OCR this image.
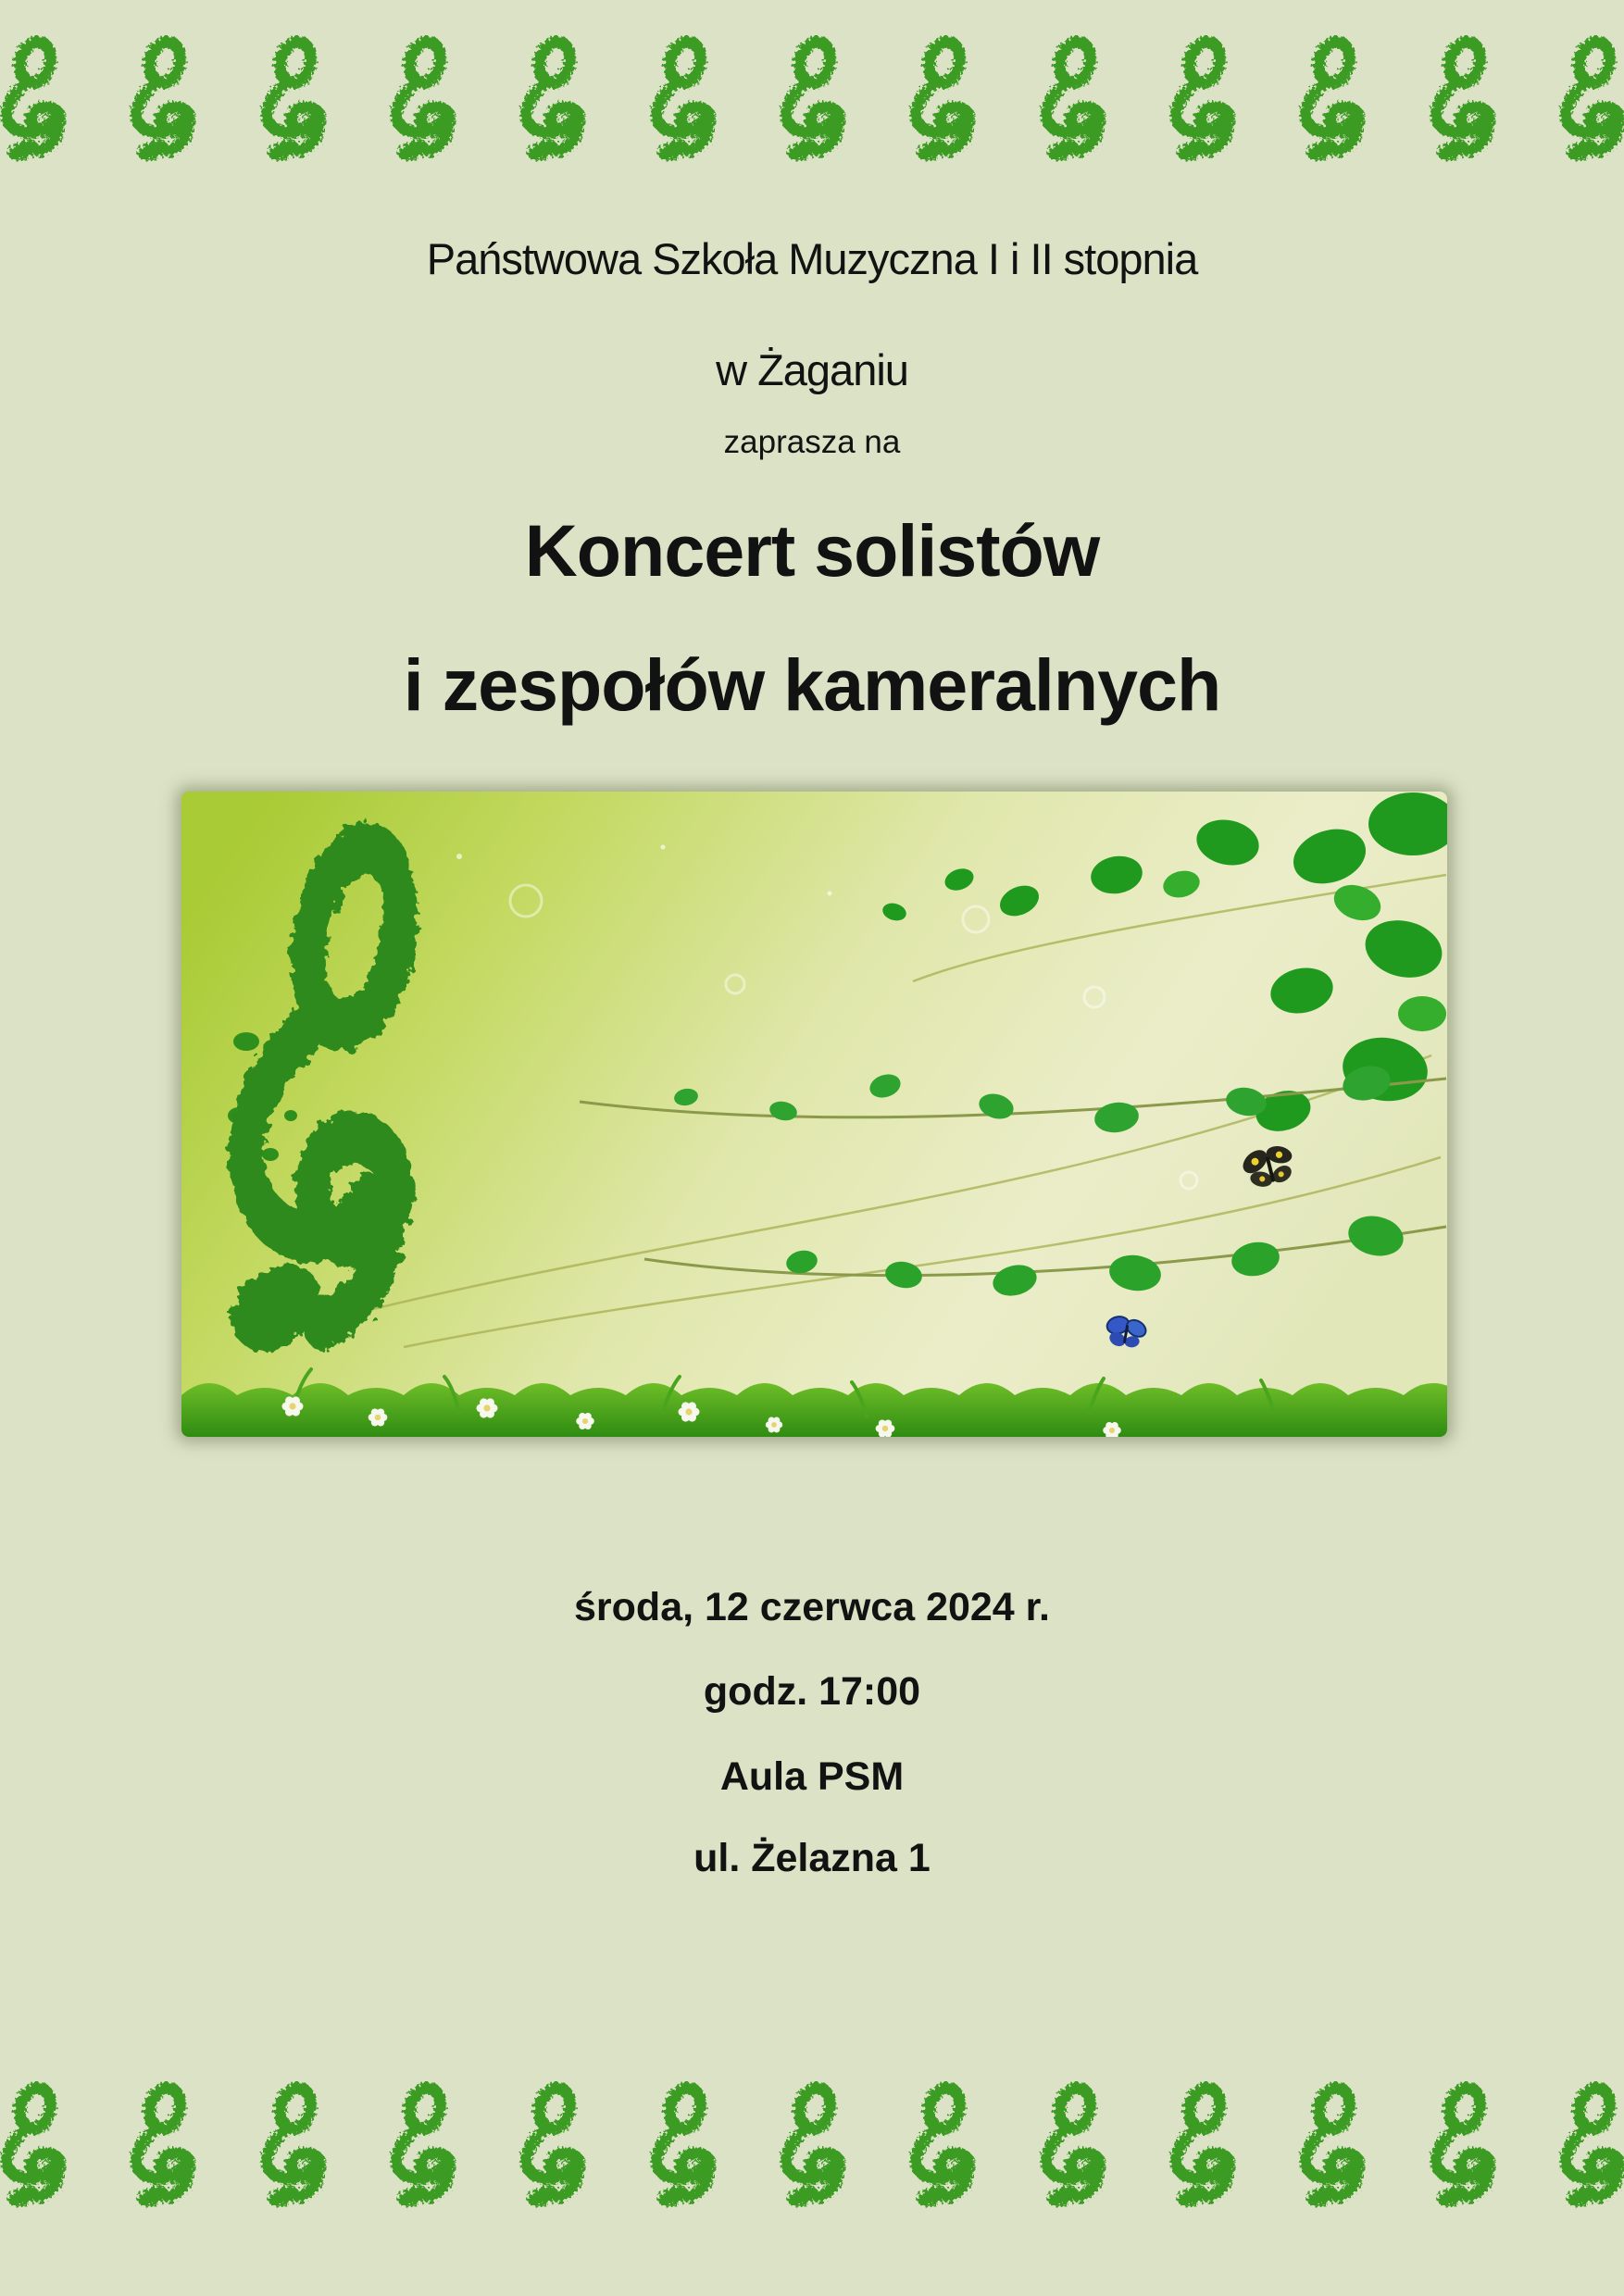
Państwowa Szkoła Muzyczna I i II stopnia
w Żaganiu
zaprasza na
Koncert solistów
i zespołów kameralnych
środa, 12 czerwca 2024 r.
godz. 17:00
Aula PSM
ul. Żelazna 1
